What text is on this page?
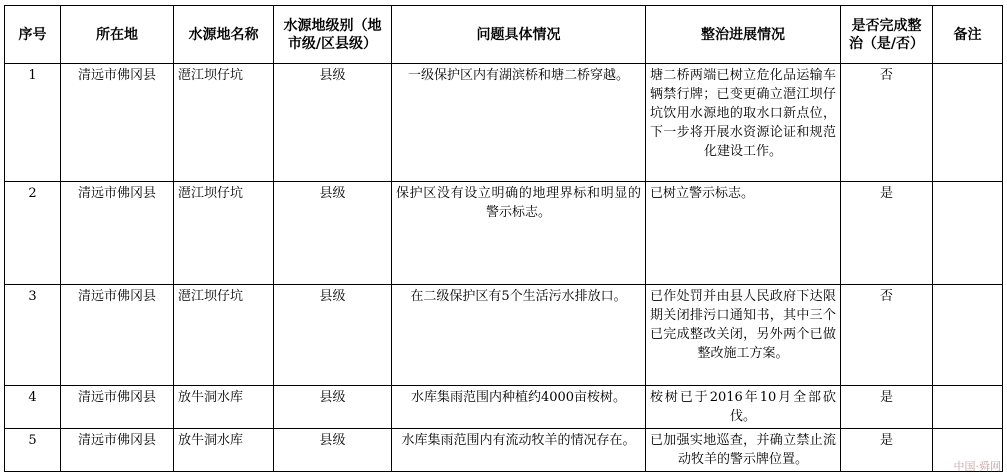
序号	所在地	水源地名称	水源地级别（地市级/区县级）	问题具体情况	整治进展情况	是否完成整治（是/否）	备注
1	清远市佛冈县	潖江坝仔坑	县级	一级保护区内有湖滨桥和塘二桥穿越。	塘二桥两端已树立危化品运输车辆禁行牌；已变更确立潖江坝仔坑饮用水源地的取水口新点位，下一步将开展水资源论证和规范化建设工作。	否	
2	清远市佛冈县	潖江坝仔坑	县级	保护区没有设立明确的地理界标和明显的警示标志。	已树立警示标志。	是	
3	清远市佛冈县	潖江坝仔坑	县级	在二级保护区有5个生活污水排放口。	已作处罚并由县人民政府下达限期关闭排污口通知书，其中三个已完成整改关闭，另外两个已做整改施工方案。	否	
4	清远市佛冈县	放牛洞水库	县级	水库集雨范围内种植约4000亩桉树。	桉树已于2016年10月全部砍伐。	是	
5	清远市佛冈县	放牛洞水库	县级	水库集雨范围内有流动牧羊的情况存在。	已加强实地巡查，并确立禁止流动牧羊的警示牌位置。	是	
中国·舜网
